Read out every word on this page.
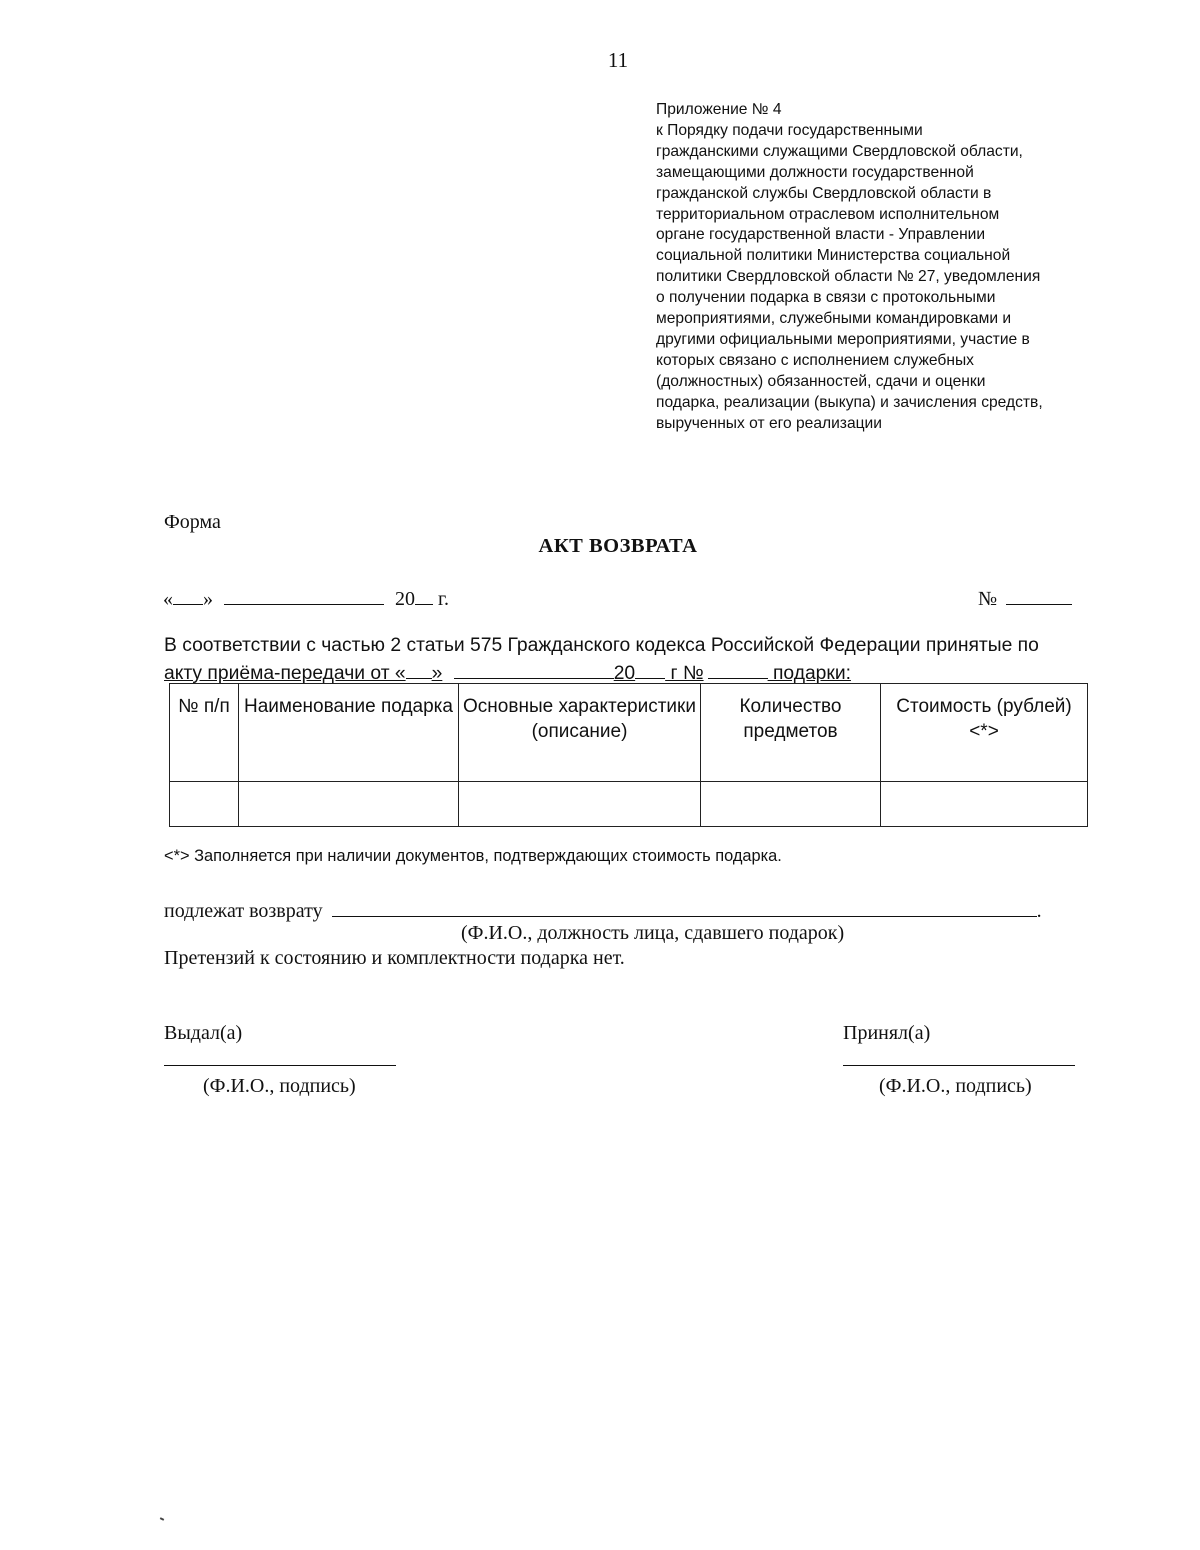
11
Приложение № 4
к Порядку подачи государственными
гражданскими служащими Свердловской области,
замещающими должности государственной
гражданской службы Свердловской области в
территориальном отраслевом исполнительном
органе государственной власти - Управлении
социальной политики Министерства социальной
политики Свердловской области № 27, уведомления
о получении подарка в связи с протокольными
мероприятиями, служебными командировками и
другими официальными мероприятиями, участие в
которых связано с исполнением служебных
(должностных) обязанностей, сдачи и оценки
подарка, реализации (выкупа) и зачисления средств,
вырученных от его реализации
Форма
АКТ ВОЗВРАТА
« »	20 г.	№
В соответствии с частью 2 статьи 575 Гражданского кодекса Российской Федерации принятые по
акту приёма-передачи от « »	20 г №	подарки:
№ п/п	Наименование подарка	Основные характеристики (описание)	Количество предметов	Стоимость (рублей) <*>

<*> Заполняется при наличии документов, подтверждающих стоимость подарка.
подлежат возврату	.
(Ф.И.О., должность лица, сдавшего подарок)
Претензий к состоянию и комплектности подарка нет.
Выдал(а)
(Ф.И.О., подпись)
Принял(а)
(Ф.И.О., подпись)
